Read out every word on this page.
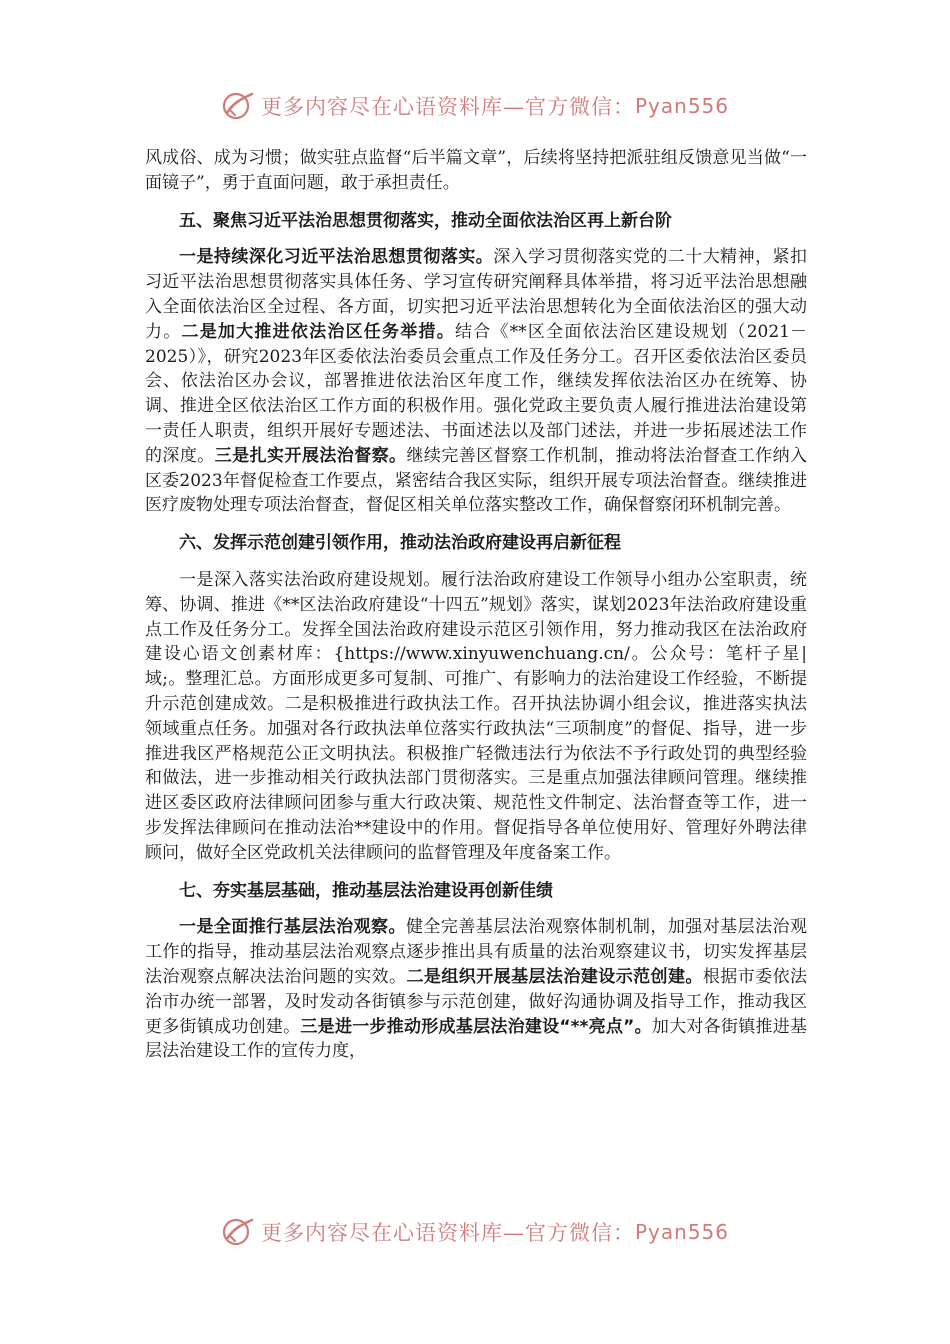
更多内容尽在心语资料库—官方微信： Pyan556

风成俗、成为习惯；做实驻点监督“后半篇文章”，后续将坚持把派驻组反馈意见当做“一面镜子”，勇于直面问题，敢于承担责任。

五、聚焦习近平法治思想贯彻落实，推动全面依法治区再上新台阶

一是持续深化习近平法治思想贯彻落实。深入学习贯彻落实党的二十大精神，紧扣习近平法治思想贯彻落实具体任务、学习宣传研究阐释具体举措，将习近平法治思想融入全面依法治区全过程、各方面，切实把习近平法治思想转化为全面依法治区的强大动力。二是加大推进依法治区任务举措。结合《**区全面依法治区建设规划（2021－2025）》，研究2023年区委依法治委员会重点工作及任务分工。召开区委依法治区委员会、依法治区办会议，部署推进依法治区年度工作，继续发挥依法治区办在统筹、协调、推进全区依法治区工作方面的积极作用。强化党政主要负责人履行推进法治建设第一责任人职责，组织开展好专题述法、书面述法以及部门述法，并进一步拓展述法工作的深度。三是扎实开展法治督察。继续完善区督察工作机制，推动将法治督查工作纳入区委2023年督促检查工作要点，紧密结合我区实际，组织开展专项法治督查。继续推进医疗废物处理专项法治督查，督促区相关单位落实整改工作，确保督察闭环机制完善。

六、发挥示范创建引领作用，推动法治政府建设再启新征程

一是深入落实法治政府建设规划。履行法治政府建设工作领导小组办公室职责，统筹、协调、推进《**区法治政府建设“十四五”规划》落实，谋划2023年法治政府建设重点工作及任务分工。发挥全国法治政府建设示范区引领作用，努力推动我区在法治政府建设心语文创素材库：{https://www.xinyuwenchuang.cn/。公众号：笔杆子星|域;。整理汇总。方面形成更多可复制、可推广、有影响力的法治建设工作经验，不断提升示范创建成效。二是积极推进行政执法工作。召开执法协调小组会议，推进落实执法领域重点任务。加强对各行政执法单位落实行政执法“三项制度”的督促、指导，进一步推进我区严格规范公正文明执法。积极推广轻微违法行为依法不予行政处罚的典型经验和做法，进一步推动相关行政执法部门贯彻落实。三是重点加强法律顾问管理。继续推进区委区政府法律顾问团参与重大行政决策、规范性文件制定、法治督查等工作，进一步发挥法律顾问在推动法治**建设中的作用。督促指导各单位使用好、管理好外聘法律顾问，做好全区党政机关法律顾问的监督管理及年度备案工作。

七、夯实基层基础，推动基层法治建设再创新佳绩

一是全面推行基层法治观察。健全完善基层法治观察体制机制，加强对基层法治观工作的指导，推动基层法治观察点逐步推出具有质量的法治观察建议书，切实发挥基层法治观察点解决法治问题的实效。二是组织开展基层法治建设示范创建。根据市委依法治市办统一部署，及时发动各街镇参与示范创建，做好沟通协调及指导工作，推动我区更多街镇成功创建。三是进一步推动形成基层法治建设“**亮点”。加大对各街镇推进基层法治建设工作的宣传力度，

更多内容尽在心语资料库—官方微信： Pyan556
